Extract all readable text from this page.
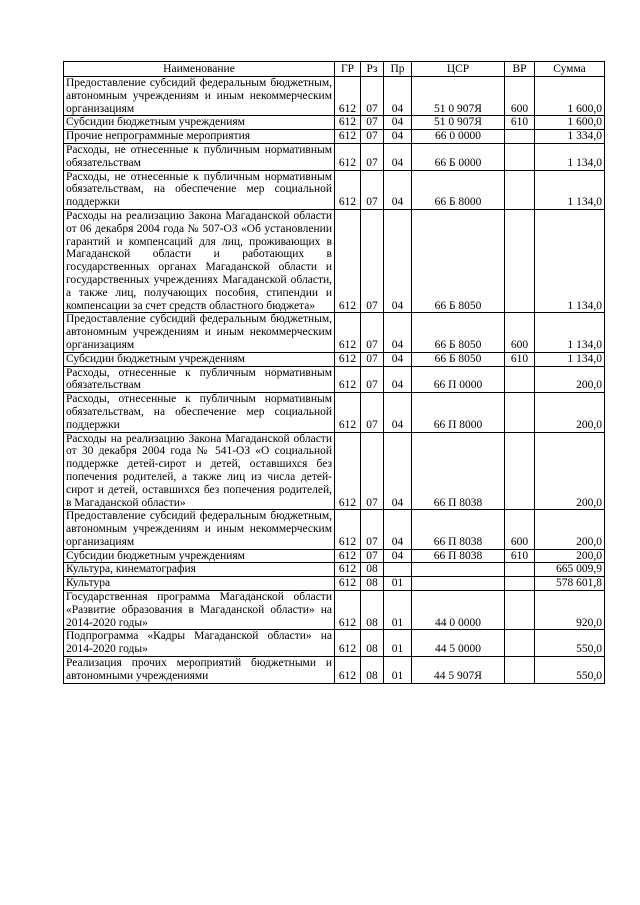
Наименование	ГР	Рз	Пр	ЦСР	ВР	Сумма
Предоставление субсидий федеральным бюджетным, автономным учреждениям и иным некоммерческим организациям	612	07	04	51 0 907Я	600	1 600,0
Субсидии бюджетным учреждениям	612	07	04	51 0 907Я	610	1 600,0
Прочие непрограммные мероприятия	612	07	04	66 0 0000		1 334,0
Расходы, не отнесенные к публичным нормативным обязательствам	612	07	04	66 Б 0000		1 134,0
Расходы, не отнесенные к публичным нормативным обязательствам, на обеспечение мер социальной поддержки	612	07	04	66 Б 8000		1 134,0
Расходы на реализацию Закона Магаданской области от 06 декабря 2004 года № 507-ОЗ «Об установлении гарантий и компенсаций для лиц, проживающих в Магаданской области и работающих в государственных органах Магаданской области и государственных учреждениях Магаданской области, а также лиц, получающих пособия, стипендии и компенсации за счет средств областного бюджета»	612	07	04	66 Б 8050		1 134,0
Предоставление субсидий федеральным бюджетным, автономным учреждениям и иным некоммерческим организациям	612	07	04	66 Б 8050	600	1 134,0
Субсидии бюджетным учреждениям	612	07	04	66 Б 8050	610	1 134,0
Расходы, отнесенные к публичным нормативным обязательствам	612	07	04	66 П 0000		200,0
Расходы, отнесенные к публичным нормативным обязательствам, на обеспечение мер социальной поддержки	612	07	04	66 П 8000		200,0
Расходы на реализацию Закона Магаданской области от 30 декабря 2004 года № 541-ОЗ «О социальной поддержке детей-сирот и детей, оставшихся без попечения родителей, а также лиц из числа детей-сирот и детей, оставшихся без попечения родителей, в Магаданской области»	612	07	04	66 П 8038		200,0
Предоставление субсидий федеральным бюджетным, автономным учреждениям и иным некоммерческим организациям	612	07	04	66 П 8038	600	200,0
Субсидии бюджетным учреждениям	612	07	04	66 П 8038	610	200,0
Культура, кинематография	612	08				665 009,9
Культура	612	08	01			578 601,8
Государственная программа Магаданской области «Развитие образования в Магаданской области» на 2014-2020 годы»	612	08	01	44 0 0000		920,0
Подпрограмма «Кадры Магаданской области» на 2014-2020 годы»	612	08	01	44 5 0000		550,0
Реализация прочих мероприятий бюджетными и автономными учреждениями	612	08	01	44 5 907Я		550,0
